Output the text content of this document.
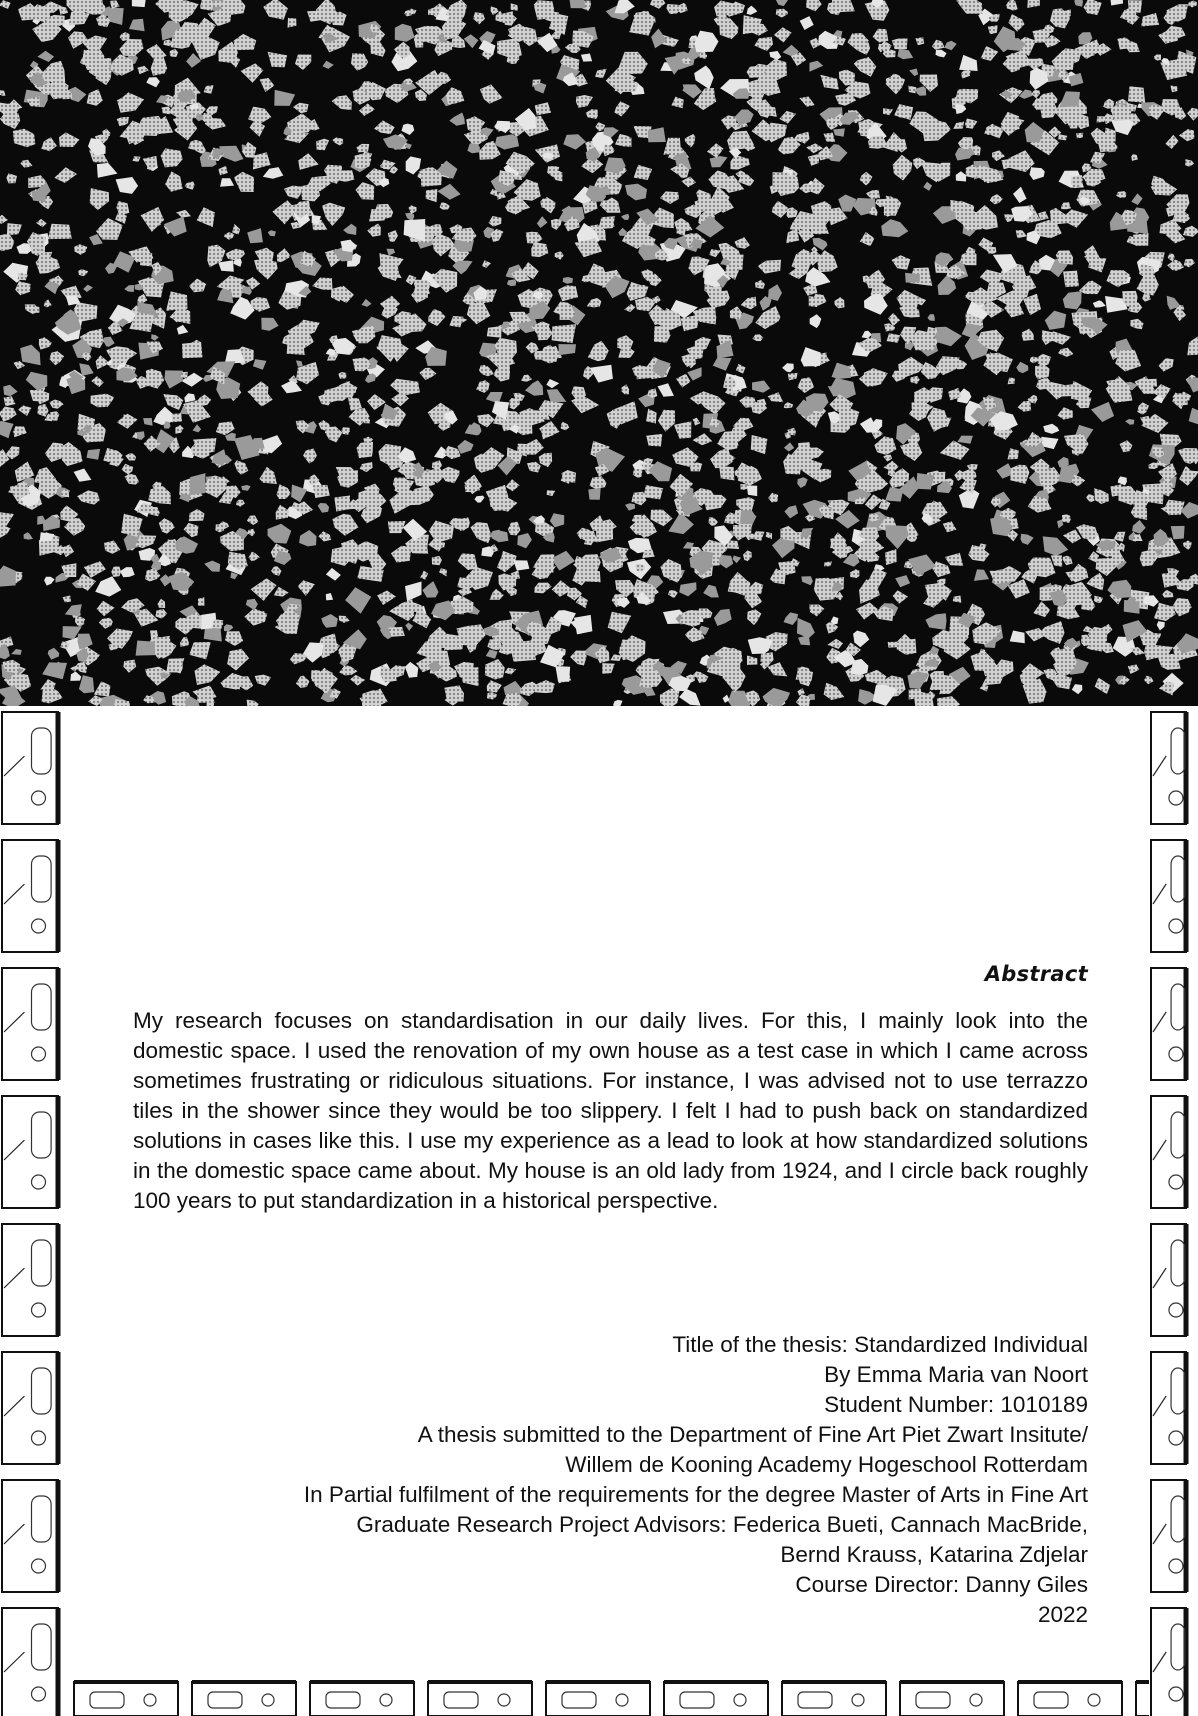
Abstract

My research focuses on standardisation in our daily lives. For this, I mainly look into the domestic space. I used the renovation of my own house as a test case in which I came across sometimes frustrating or ridiculous situations. For instance, I was advised not to use terrazzo tiles in the shower since they would be too slippery. I felt I had to push back on standardized solutions in cases like this. I use my experience as a lead to look at how standardized solutions in the domestic space came about. My house is an old lady from 1924, and I circle back roughly 100 years to put standardization in a historical perspective.

Title of the thesis: Standardized Individual
By Emma Maria van Noort
Student Number: 1010189
A thesis submitted to the Department of Fine Art Piet Zwart Insitute/
Willem de Kooning Academy Hogeschool Rotterdam
In Partial fulfilment of the requirements for the degree Master of Arts in Fine Art
Graduate Research Project Advisors: Federica Bueti, Cannach MacBride,
Bernd Krauss, Katarina Zdjelar
Course Director: Danny Giles
2022
